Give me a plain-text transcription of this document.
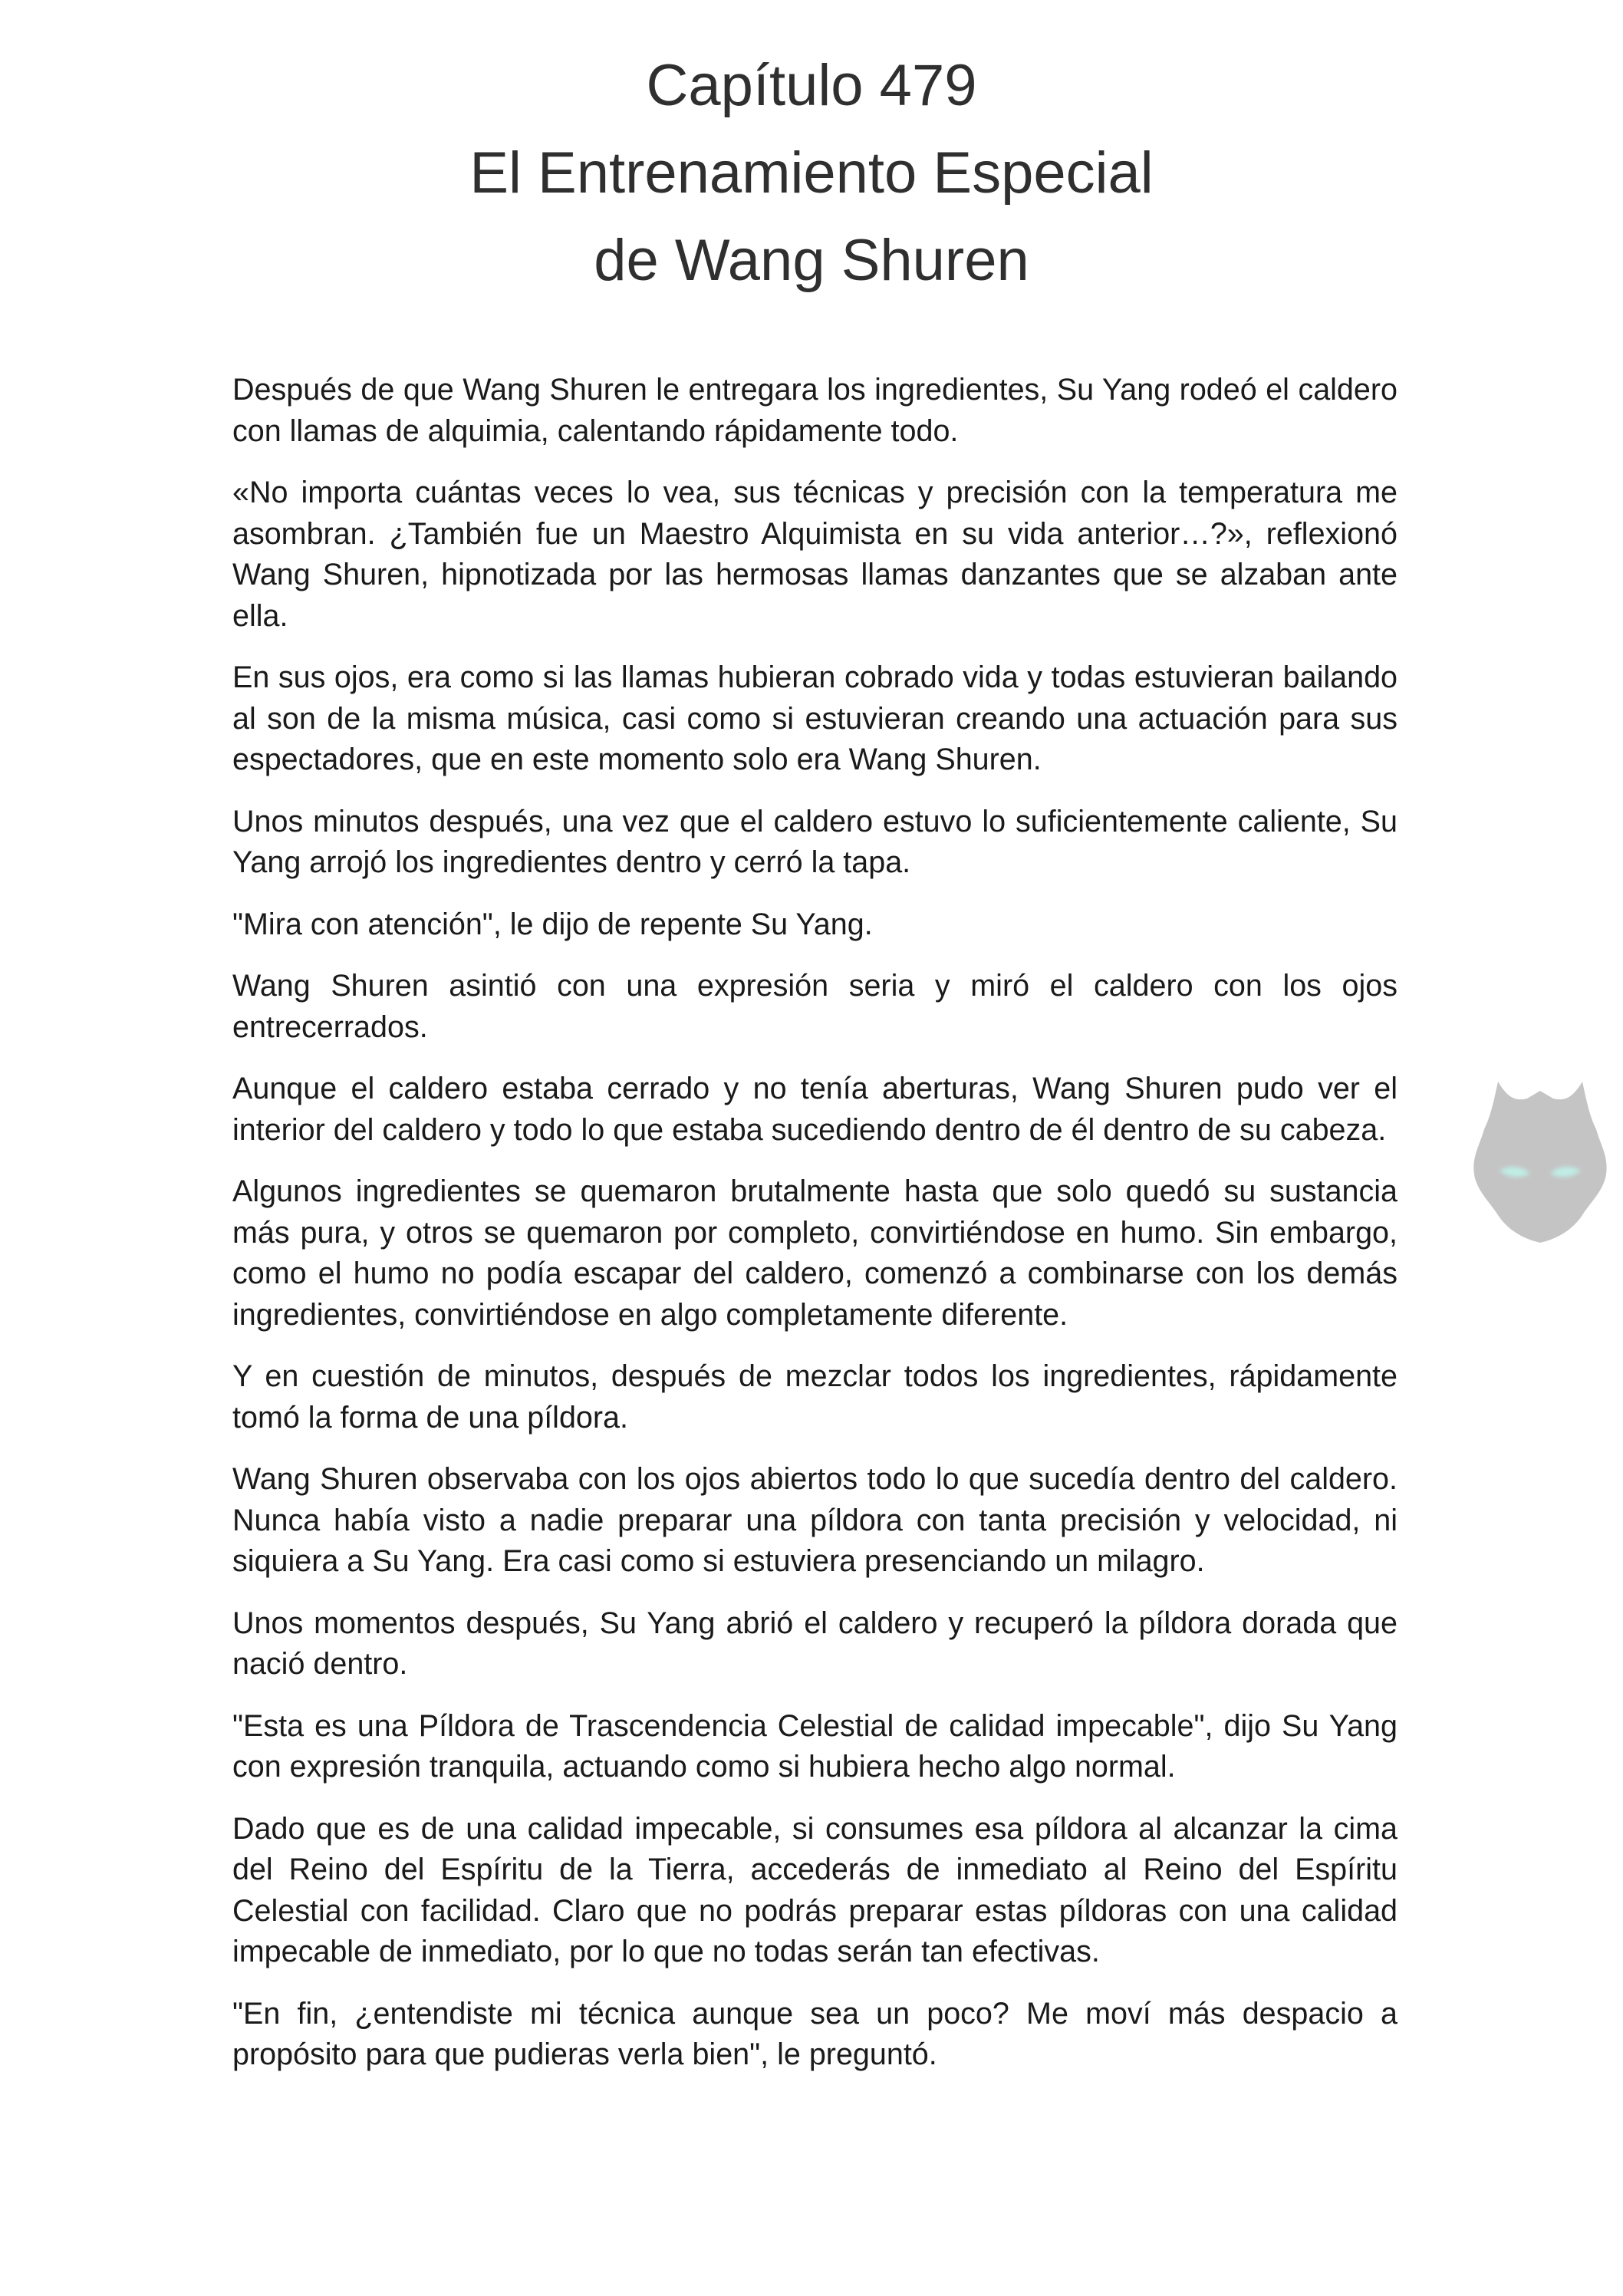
Capítulo 479
El Entrenamiento Especial
de Wang Shuren

Después de que Wang Shuren le entregara los ingredientes, Su Yang rodeó el caldero con llamas de alquimia, calentando rápidamente todo.

«No importa cuántas veces lo vea, sus técnicas y precisión con la temperatura me asombran. ¿También fue un Maestro Alquimista en su vida anterior…?», reflexionó Wang Shuren, hipnotizada por las hermosas llamas danzantes que se alzaban ante ella.

En sus ojos, era como si las llamas hubieran cobrado vida y todas estuvieran bailando al son de la misma música, casi como si estuvieran creando una actuación para sus espectadores, que en este momento solo era Wang Shuren.

Unos minutos después, una vez que el caldero estuvo lo suficientemente caliente, Su Yang arrojó los ingredientes dentro y cerró la tapa.

"Mira con atención", le dijo de repente Su Yang.

Wang Shuren asintió con una expresión seria y miró el caldero con los ojos entrecerrados.

Aunque el caldero estaba cerrado y no tenía aberturas, Wang Shuren pudo ver el interior del caldero y todo lo que estaba sucediendo dentro de él dentro de su cabeza.

Algunos ingredientes se quemaron brutalmente hasta que solo quedó su sustancia más pura, y otros se quemaron por completo, convirtiéndose en humo. Sin embargo, como el humo no podía escapar del caldero, comenzó a combinarse con los demás ingredientes, convirtiéndose en algo completamente diferente.

Y en cuestión de minutos, después de mezclar todos los ingredientes, rápidamente tomó la forma de una píldora.

Wang Shuren observaba con los ojos abiertos todo lo que sucedía dentro del caldero. Nunca había visto a nadie preparar una píldora con tanta precisión y velocidad, ni siquiera a Su Yang. Era casi como si estuviera presenciando un milagro.

Unos momentos después, Su Yang abrió el caldero y recuperó la píldora dorada que nació dentro.

"Esta es una Píldora de Trascendencia Celestial de calidad impecable", dijo Su Yang con expresión tranquila, actuando como si hubiera hecho algo normal.

Dado que es de una calidad impecable, si consumes esa píldora al alcanzar la cima del Reino del Espíritu de la Tierra, accederás de inmediato al Reino del Espíritu Celestial con facilidad. Claro que no podrás preparar estas píldoras con una calidad impecable de inmediato, por lo que no todas serán tan efectivas.

"En fin, ¿entendiste mi técnica aunque sea un poco? Me moví más despacio a propósito para que pudieras verla bien", le preguntó.
